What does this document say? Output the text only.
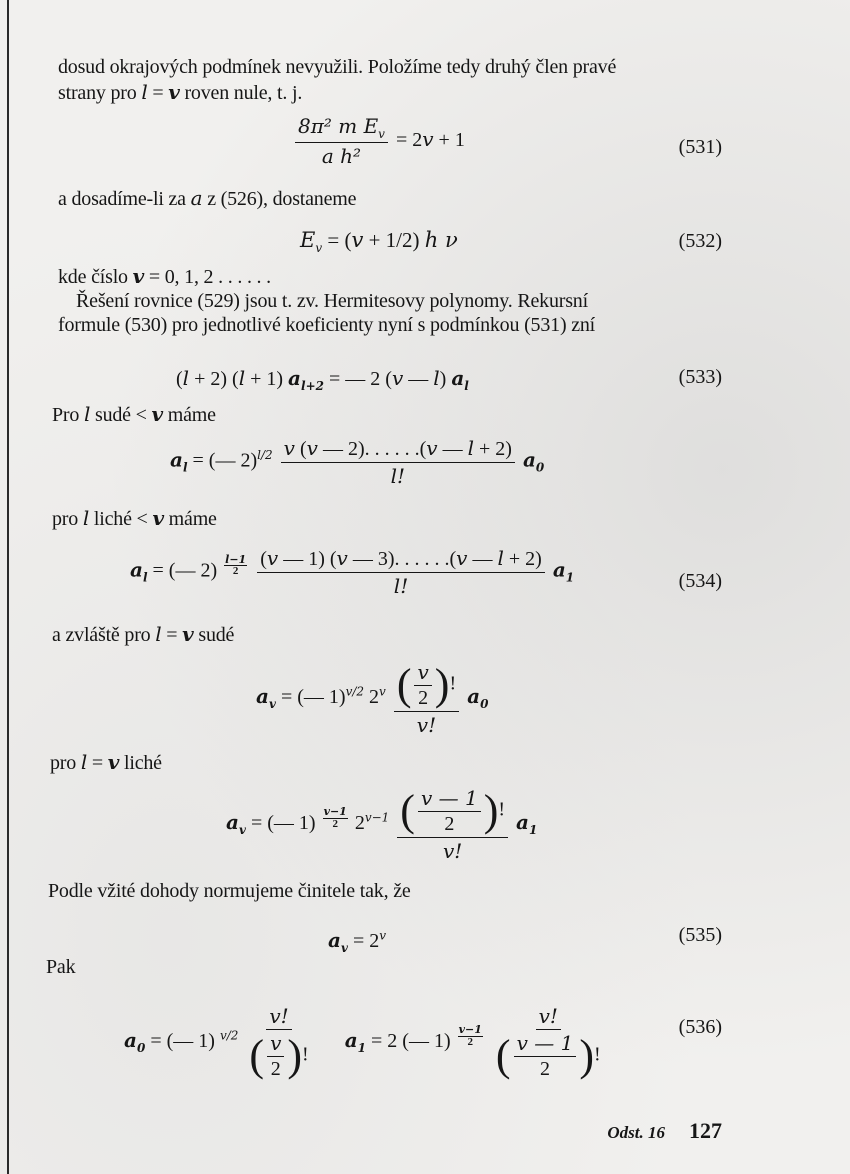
dosud okrajových podmínek nevyužili. Položíme tedy druhý člen pravé
strany pro l = v roven nule, t. j.
$\frac{8\pi^2 m E_v}{\text{a h²}} = 2v + 1$	(531)
a dosadíme-li za a z (526), dostaneme
$E_v = (v + 1/2)$ h ν	(532)
kde číslo v = 0, 1, 2 . . . . . .
Řešení rovnice (529) jsou t. zv. Hermitesovy polynomy. Rekursní
formule (530) pro jednotlivé koeficienty nyní s podmínkou (531) zní
(l + 2) (l + 1) $a_{l+2}$ = — 2 (v — l) $a_l$	(533)
Pro l sudé < v máme
$a_l$ = (— $2)^{l/2} \frac{v (v — 2). . . . . .(v — l + 2)}{l!} a_0$
pro l liché < v máme
$a_l$ = (— $2) \frac{l-1}{2}$
$\frac{(v — 1) (v — 3). . . . . .(v — l + 2)}{l!} a_1$	(534)
a zvláště pro l = v sudé
$a_v$ = (— 1)$^{v/2}$ $2^v \frac{( \frac{v}{2} )!}{v!} a_0$
pro l = v liché
$a_v$ = (— $1) \frac{v-1}{2} 2^{v-1} \frac{( \frac{v — 1}{2} )!}{v!} a_1$
Podle vžité dohody normujeme činitele tak, že
$a_v = 2^v$	(535)
Pak
$a_0$ = (— 1) $^{v/2} \frac{v!}{( \frac{v}{2} )!} a_1 = 2$ (— $1) \frac{v-1}{2}$
$\frac{v!}{( \frac{v — 1}{2} )!}$	(536)
Odst. 16 127
